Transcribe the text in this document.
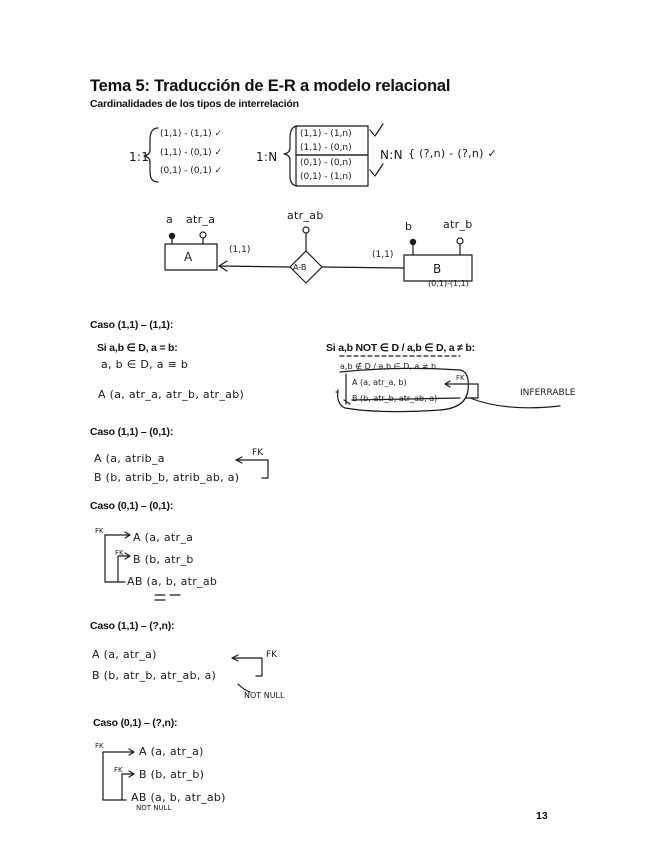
Tema 5: Traducción de E-R a modelo relacional
Cardinalidades de los tipos de interrelación
1:1
(1,1) - (1,1) ✓
(1,1) - (0,1) ✓
(0,1) - (0,1) ✓
1:N
(1,1) - (1,n)
(1,1) - (0,n)
(0,1) - (0,n)
(0,1) - (1,n)
N:N { (?,n) - (?,n) ✓
a atr_a	atr_ab
b	atr_b
A
B
A-B
(1,1)	(1,1)
(0,1)-(1,1)
Caso (1,1) – (1,1):
Si a,b ∈ D, a = b:
a, b ∈ D, a ≡ b
A (a, atr_a, atr_b, atr_ab)
Si a,b NOT ∈ D / a,b ∈ D, a ≠ b:
a,b ∉ D / a,b ∈ D, a ≠ b
A (a, atr_a, b)
B (b, atr_b, atr_ab, a)
FK
INFERRABLE
Caso (1,1) – (0,1):
A (a, atrib_a
B (b, atrib_b, atrib_ab, a)
FK
Caso (0,1) – (0,1):
FK
FK
A (a, atr_a
B (b, atr_b
AB (a, b, atr_ab
Caso (1,1) – (?,n):
A (a, atr_a)
B (b, atr_b, atr_ab, a)
FK
NOT NULL
Caso (0,1) – (?,n):
FK
FK
A (a, atr_a)
B (b, atr_b)
AB (a, b, atr_ab)
NOT NULL
13
